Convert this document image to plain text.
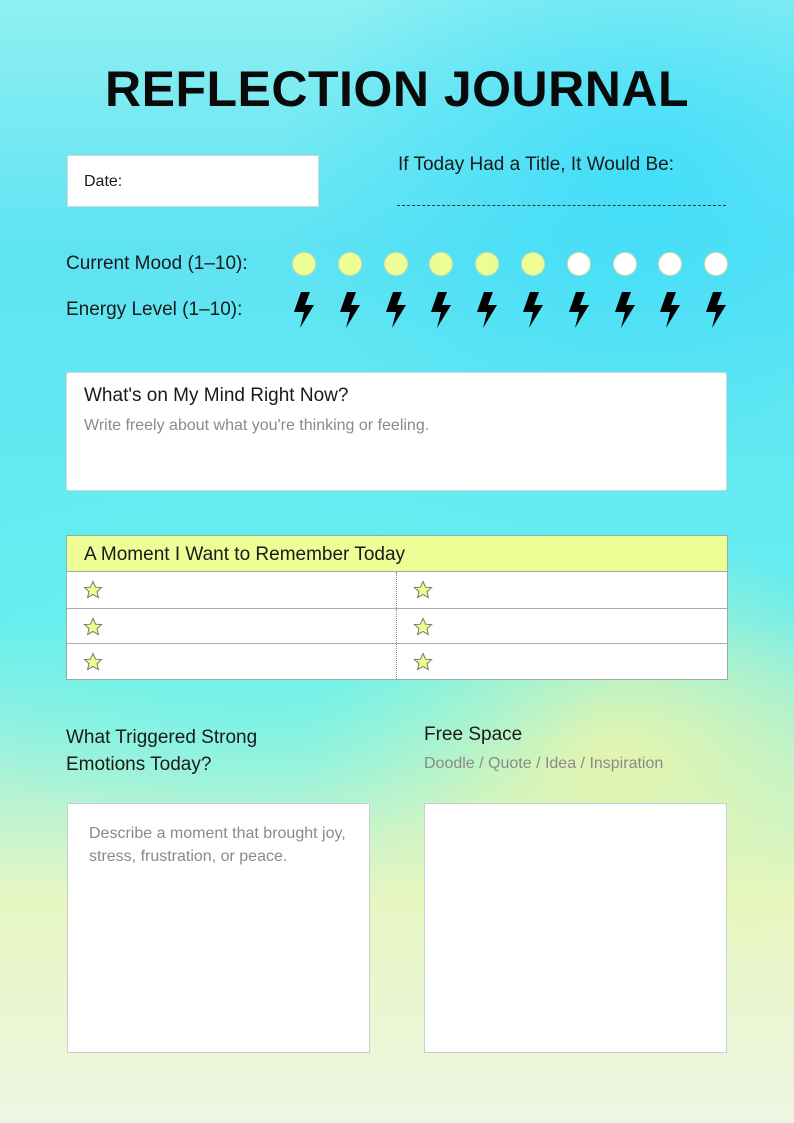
REFLECTION JOURNAL
Date:
If Today Had a Title, It Would Be:
Current Mood (1–10):
Energy Level (1–10):
What's on My Mind Right Now?
Write freely about what you're thinking or feeling.
A Moment I Want to Remember Today
What Triggered Strong Emotions Today?
Free Space
Doodle / Quote / Idea / Inspiration
Describe a moment that brought joy, stress, frustration, or peace.
